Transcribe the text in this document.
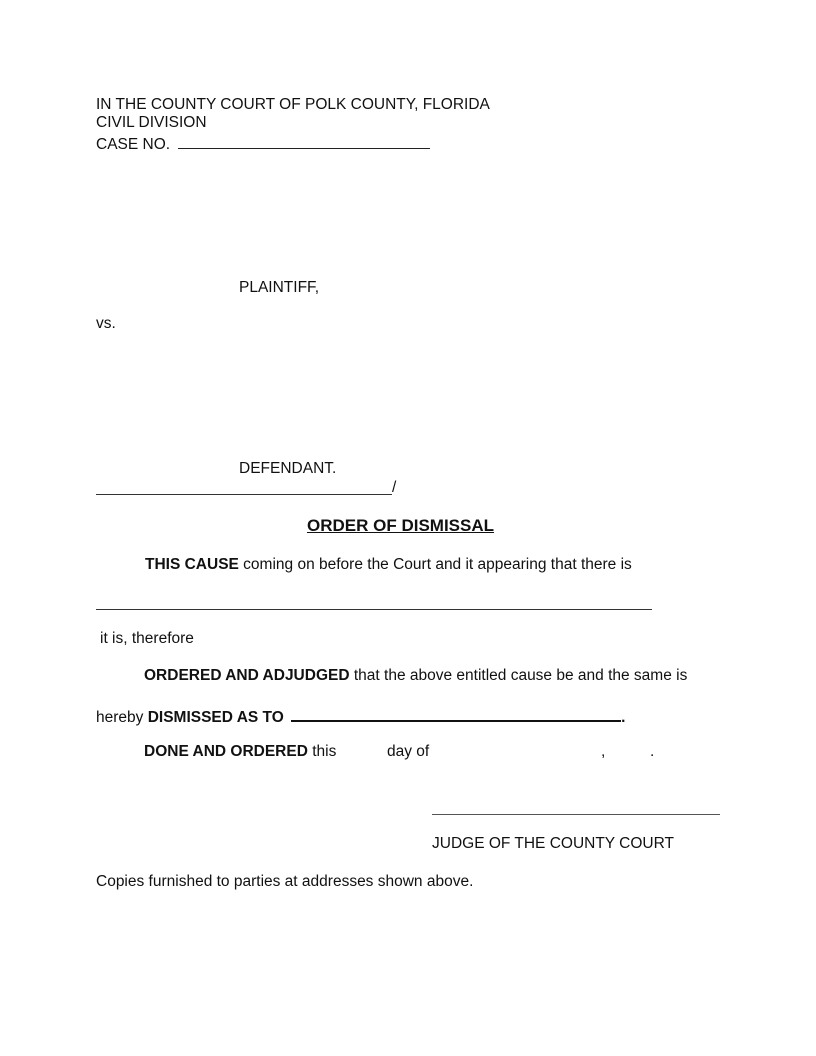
IN THE COUNTY COURT OF POLK COUNTY, FLORIDA
CIVIL DIVISION
CASE NO.
PLAINTIFF,
vs.
DEFENDANT.
/
ORDER OF DISMISSAL
THIS CAUSE coming on before the Court and it appearing that there is
it is, therefore
ORDERED AND ADJUDGED that the above entitled cause be and the same is
hereby DISMISSED AS TO	.
DONE AND ORDERED this	day of	,	.
JUDGE OF THE COUNTY COURT
Copies furnished to parties at addresses shown above.
